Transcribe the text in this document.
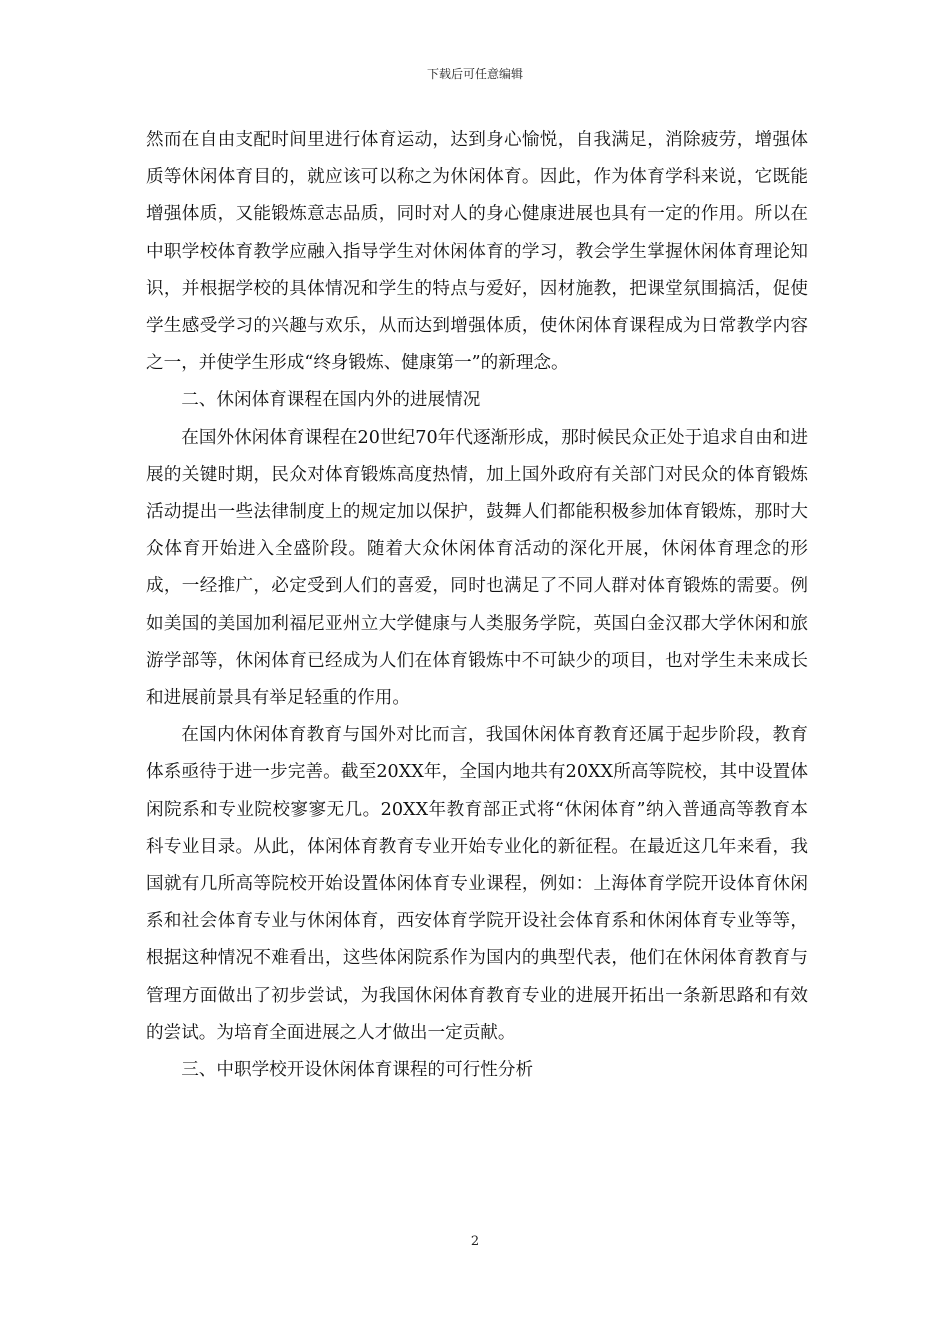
下载后可任意编辑

然而在自由支配时间里进行体育运动，达到身心愉悦，自我满足，消除疲劳，增强体质等休闲体育目的，就应该可以称之为休闲体育。因此，作为体育学科来说，它既能增强体质，又能锻炼意志品质，同时对人的身心健康进展也具有一定的作用。所以在中职学校体育教学应融入指导学生对休闲体育的学习，教会学生掌握休闲体育理论知识，并根据学校的具体情况和学生的特点与爱好，因材施教，把课堂氛围搞活，促使学生感受学习的兴趣与欢乐，从而达到增强体质，使休闲体育课程成为日常教学内容之一，并使学生形成“终身锻炼、健康第一”的新理念。

二、休闲体育课程在国内外的进展情况

在国外休闲体育课程在20世纪70年代逐渐形成，那时候民众正处于追求自由和进展的关键时期，民众对体育锻炼高度热情，加上国外政府有关部门对民众的体育锻炼活动提出一些法律制度上的规定加以保护，鼓舞人们都能积极参加体育锻炼，那时大众体育开始进入全盛阶段。随着大众休闲体育活动的深化开展，休闲体育理念的形成，一经推广，必定受到人们的喜爱，同时也满足了不同人群对体育锻炼的需要。例如美国的美国加利福尼亚州立大学健康与人类服务学院，英国白金汉郡大学休闲和旅游学部等，休闲体育已经成为人们在体育锻炼中不可缺少的项目，也对学生未来成长和进展前景具有举足轻重的作用。

在国内休闲体育教育与国外对比而言，我国休闲体育教育还属于起步阶段，教育体系亟待于进一步完善。截至20XX年，全国内地共有20XX所高等院校，其中设置体闲院系和专业院校寥寥无几。20XX年教育部正式将“休闲体育”纳入普通高等教育本科专业目录。从此，体闲体育教育专业开始专业化的新征程。在最近这几年来看，我国就有几所高等院校开始设置体闲体育专业课程，例如：上海体育学院开设体育休闲系和社会体育专业与休闲体育，西安体育学院开设社会体育系和休闲体育专业等等，根据这种情况不难看出，这些体闲院系作为国内的典型代表，他们在休闲体育教育与管理方面做出了初步尝试，为我国休闲体育教育专业的进展开拓出一条新思路和有效的尝试。为培育全面进展之人才做出一定贡献。

三、中职学校开设休闲体育课程的可行性分析

2
